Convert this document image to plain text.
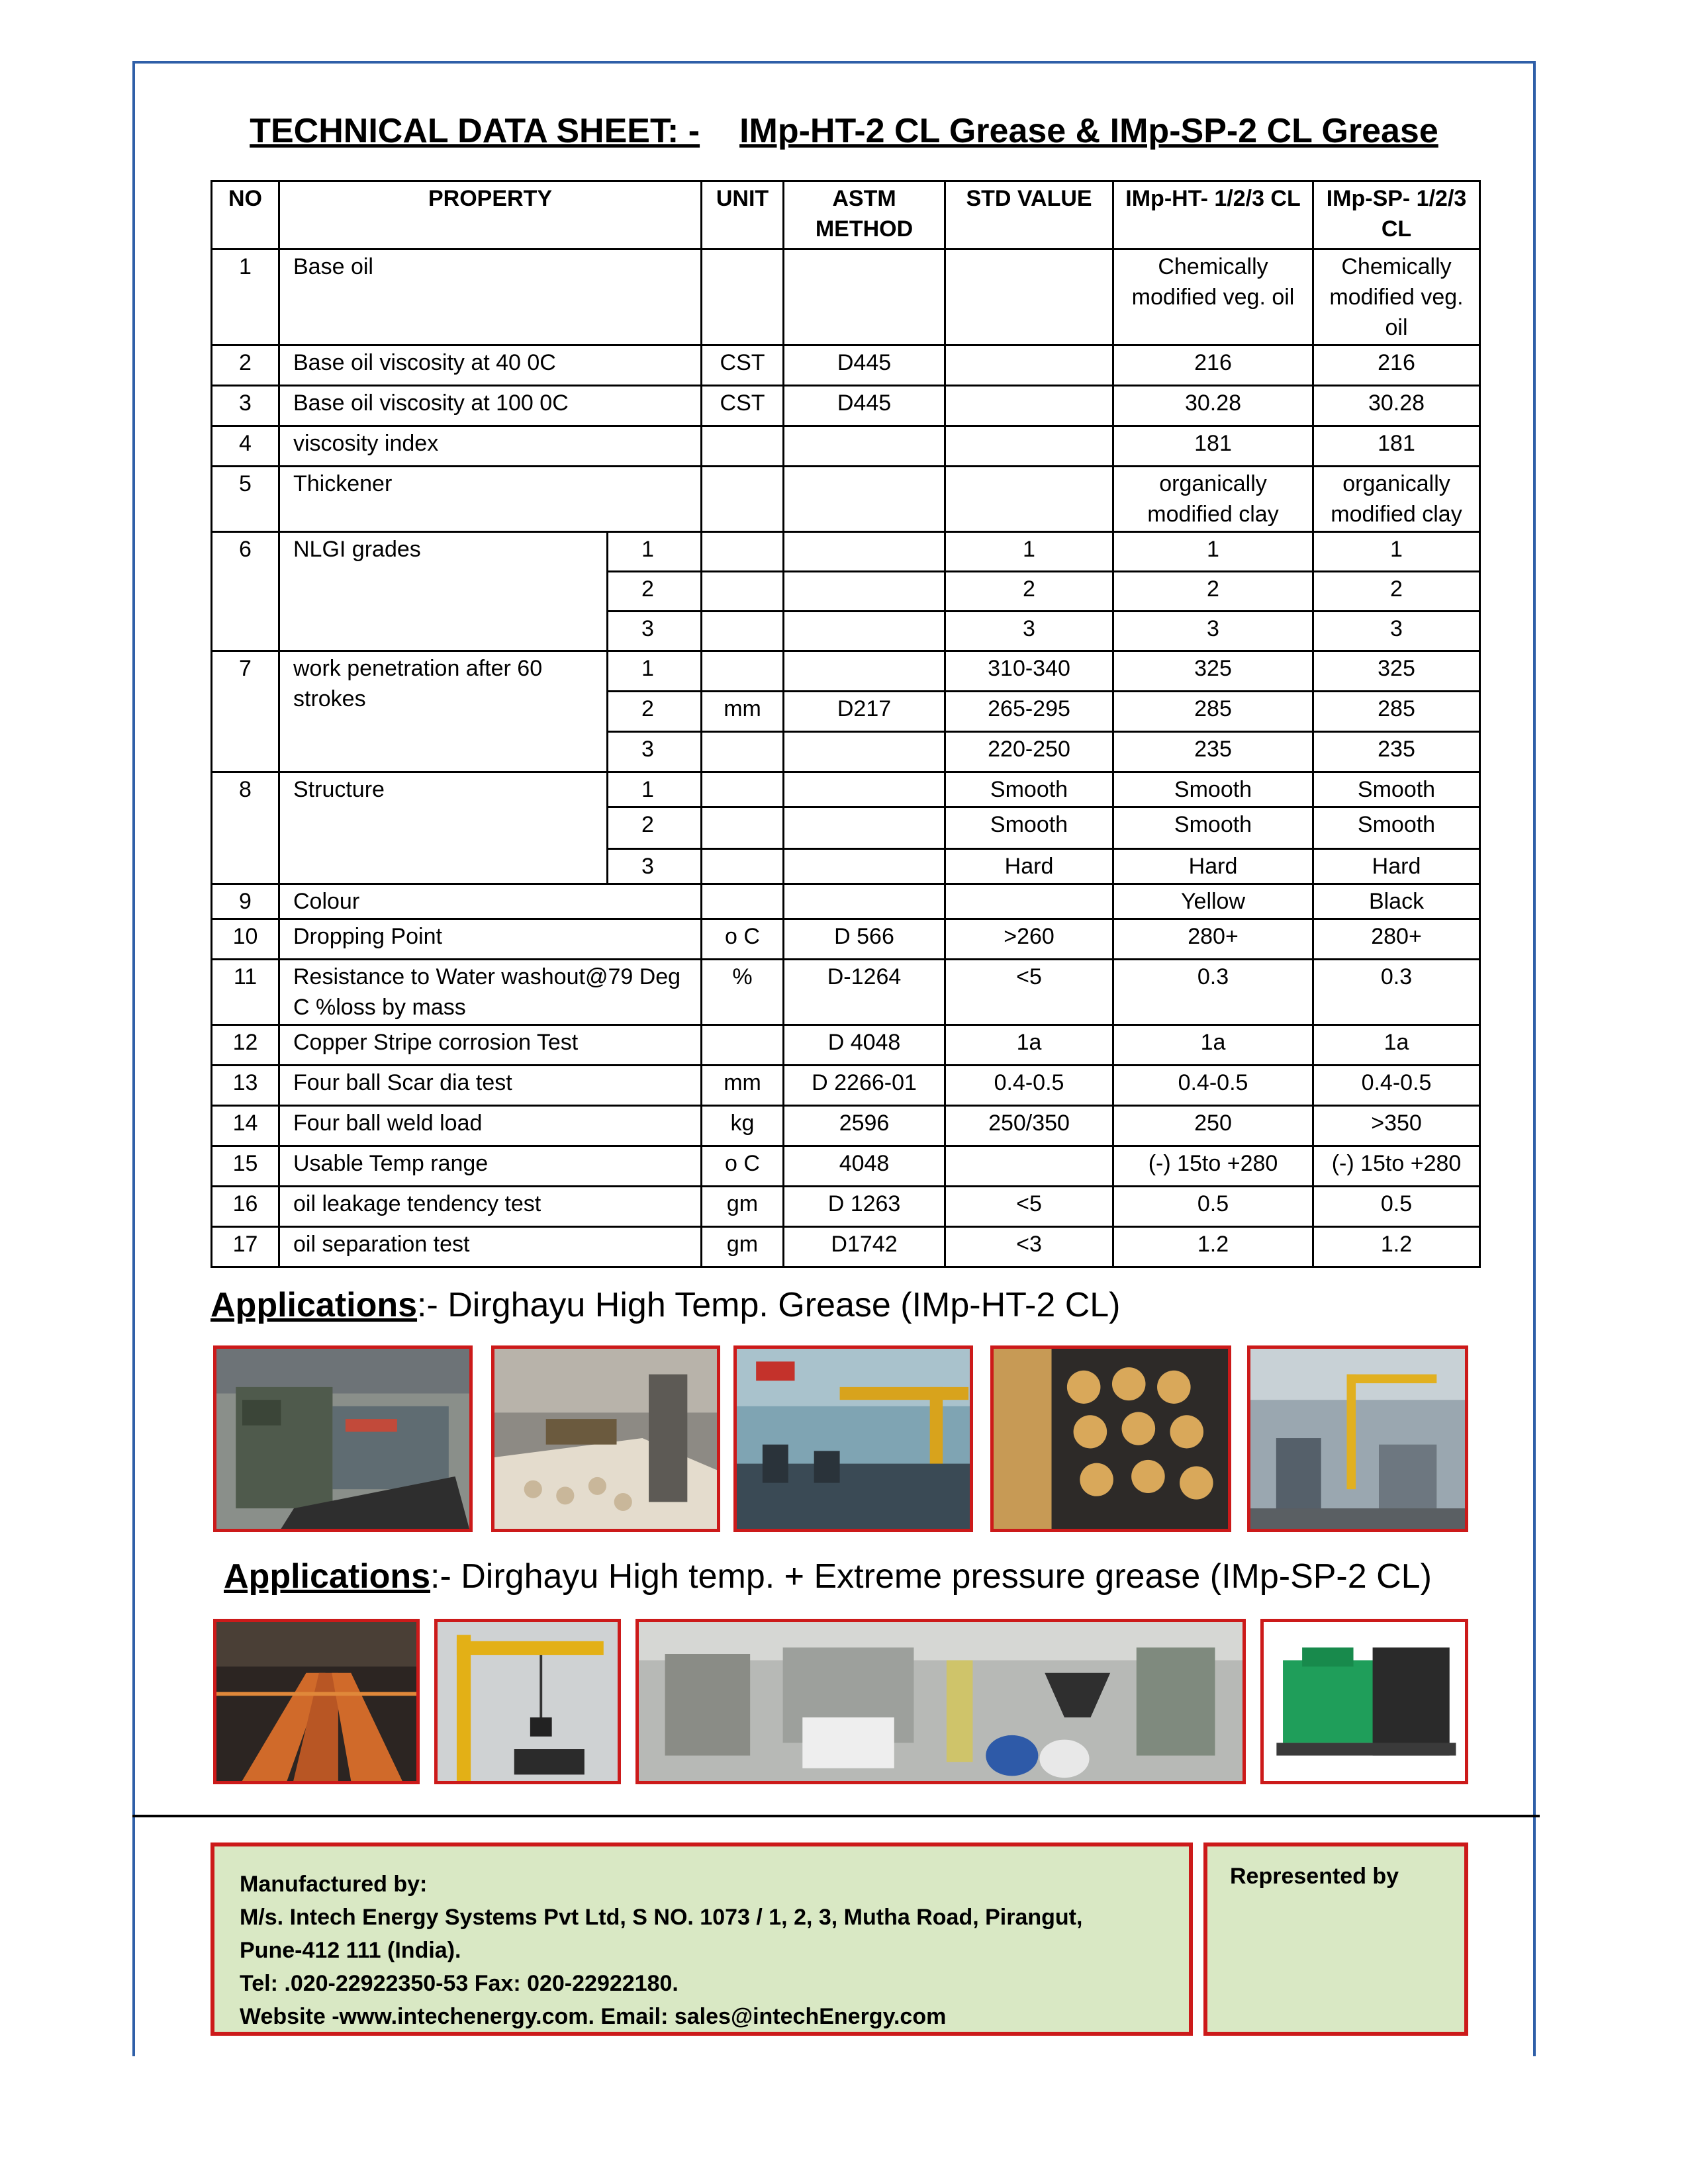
TECHNICAL DATA SHEET: - IMp-HT-2 CL Grease & IMp-SP-2 CL Grease
NO	PROPERTY		UNIT	ASTM METHOD	STD VALUE	IMp-HT- 1/2/3 CL	IMp-SP- 1/2/3 CL
1	Base oil					Chemically modified veg. oil	Chemically modified veg. oil
2	Base oil viscosity at 40 0C		CST	D445		216	216
3	Base oil viscosity at 100 0C		CST	D445		30.28	30.28
4	viscosity index					181	181
5	Thickener					organically modified clay	organically modified clay
6	NLGI grades	1			1	1	1
		2			2	2	2
		3			3	3	3
7	work penetration after 60 strokes	1			310-340	325	325
		2	mm	D217	265-295	285	285
		3			220-250	235	235
8	Structure	1			Smooth	Smooth	Smooth
		2			Smooth	Smooth	Smooth
		3			Hard	Hard	Hard
9	Colour					Yellow	Black
10	Dropping Point		o C	D 566	>260	280+	280+
11	Resistance to Water washout@79 Deg C %loss by mass		%	D-1264	<5	0.3	0.3
12	Copper Stripe corrosion Test			D 4048	1a	1a	1a
13	Four ball Scar dia test		mm	D 2266-01	0.4-0.5	0.4-0.5	0.4-0.5
14	Four ball weld load		kg	2596	250/350	250	>350
15	Usable Temp range		o C	4048		(-) 15to +280	(-) 15to +280
16	oil leakage tendency test		gm	D 1263	<5	0.5	0.5
17	oil separation test		gm	D1742	<3	1.2	1.2
Applications:- Dirghayu High Temp. Grease (IMp-HT-2 CL)
Applications:- Dirghayu High temp. + Extreme pressure grease (IMp-SP-2 CL)
Manufactured by:
M/s. Intech Energy Systems Pvt Ltd, S NO. 1073 / 1, 2, 3, Mutha Road, Pirangut,
Pune-412 111 (India).
Tel: .020-22922350-53 Fax: 020-22922180.
Website -www.intechenergy.com. Email: sales@intechEnergy.com
Represented by
